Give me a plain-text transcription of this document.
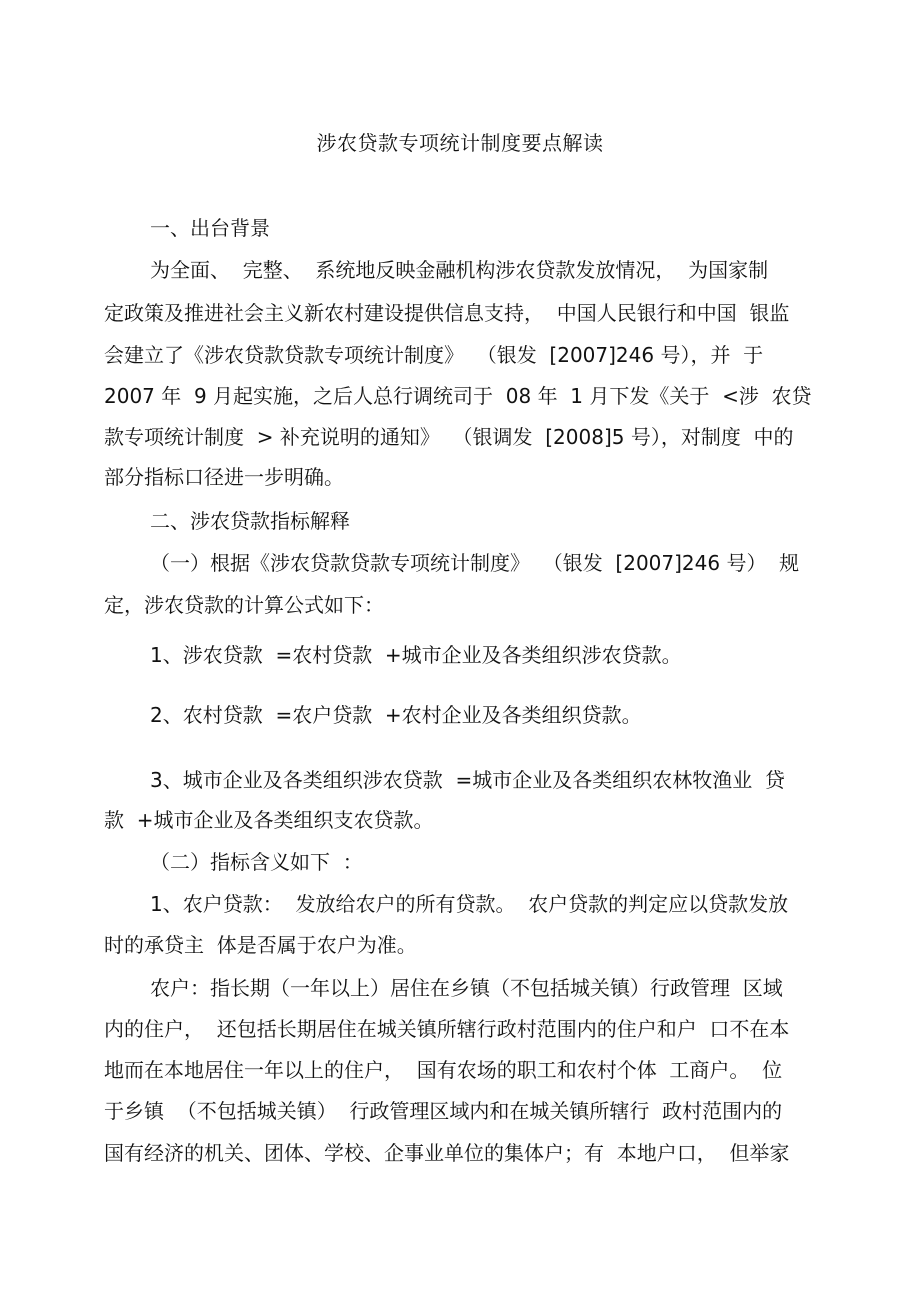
涉农贷款专项统计制度要点解读
一、出台背景
为全面、  完整、  系统地反映金融机构涉农贷款发放情况，  为国家制
定政策及推进社会主义新农村建设提供信息支持，  中国人民银行和中国  银监
会建立了《涉农贷款贷款专项统计制度》  （银发  [2007]246 号），并  于
2007 年  9 月起实施，之后人总行调统司于  08 年  1 月下发《关于  <涉  农贷
款专项统计制度  > 补充说明的通知》  （银调发  [2008]5 号），对制度  中的
部分指标口径进一步明确。
二、涉农贷款指标解释
（一）根据《涉农贷款贷款专项统计制度》  （银发  [2007]246 号）  规
定，涉农贷款的计算公式如下：
1、涉农贷款  =农村贷款  +城市企业及各类组织涉农贷款。
2、农村贷款  =农户贷款  +农村企业及各类组织贷款。
3、城市企业及各类组织涉农贷款  =城市企业及各类组织农林牧渔业  贷
款  +城市企业及各类组织支农贷款。
（二）指标含义如下  ：
1、农户贷款：  发放给农户的所有贷款。  农户贷款的判定应以贷款发放
时的承贷主  体是否属于农户为准。
农户：指长期（一年以上）居住在乡镇（不包括城关镇）行政管理  区域
内的住户，  还包括长期居住在城关镇所辖行政村范围内的住户和户  口不在本
地而在本地居住一年以上的住户，  国有农场的职工和农村个体  工商户。  位
于乡镇  （不包括城关镇）  行政管理区域内和在城关镇所辖行  政村范围内的
国有经济的机关、团体、学校、企事业单位的集体户；有  本地户口，  但举家
